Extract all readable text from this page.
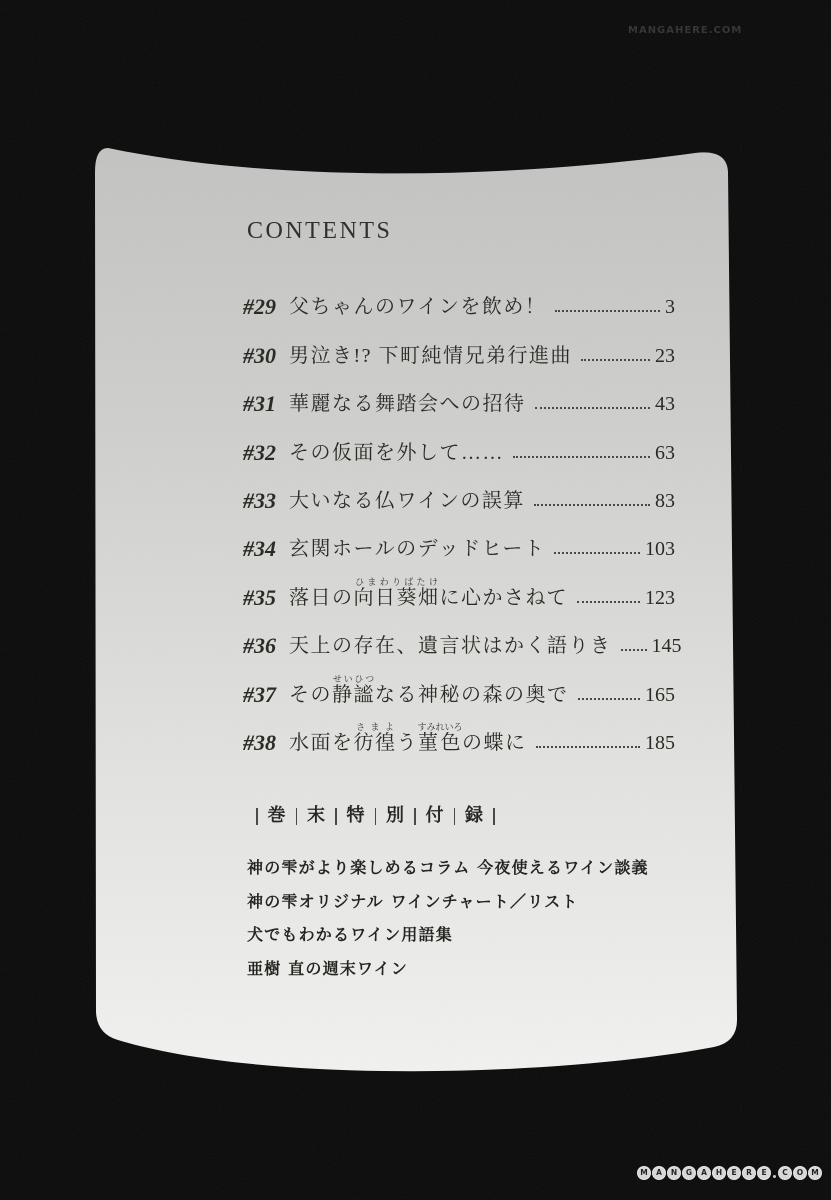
CONTENTS
#29 父ちゃんのワインを飲め！	3
#30 男泣き!? 下町純情兄弟行進曲	23
#31 華麗なる舞踏会への招待	43
#32 その仮面を外して……	63
#33 大いなる仏ワインの誤算	83
#34 玄関ホールのデッドヒート	103
#35 落日の向日葵畑ひまわりばたけに心かさねて	123
#36 天上の存在、遺言状はかく語りき 145
#37 その静謐せいひつなる神秘の森の奥で	165
#38 水面を彷徨さまよう菫色すみれいろの蝶に	185
巻 末 特 別 付 録
神の雫がより楽しめるコラム 今夜使えるワイン談義
神の雫オリジナル ワインチャート／リスト
犬でもわかるワイン用語集
亜樹 直の週末ワイン
MANGAHERE.COM
M	A	N	G	A	H	E	R	E	C	O	M
